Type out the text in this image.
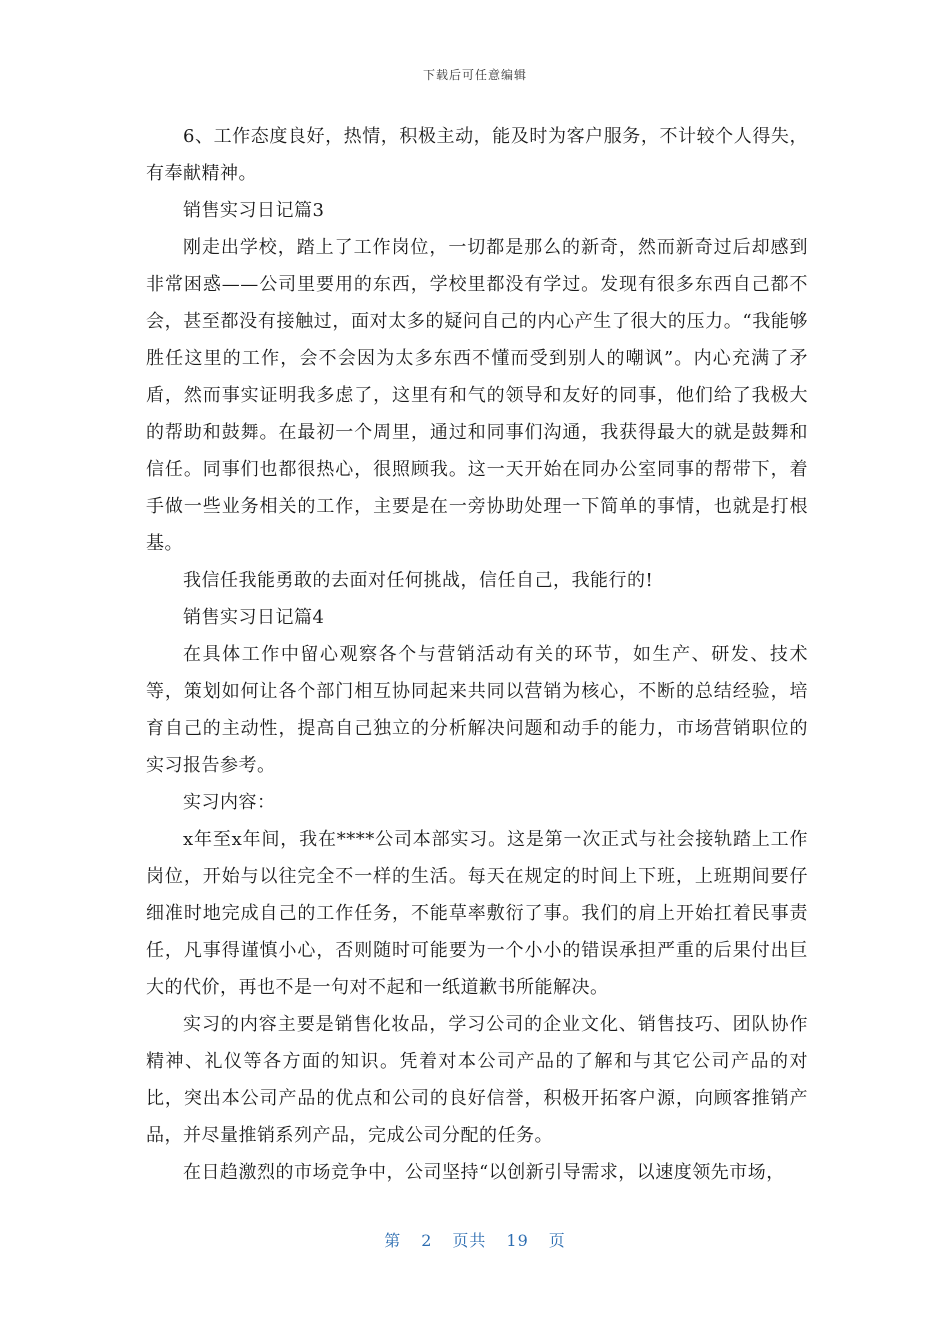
下载后可任意编辑

6、工作态度良好，热情，积极主动，能及时为客户服务，不计较个人得失，有奉献精神。

销售实习日记篇3

刚走出学校，踏上了工作岗位，一切都是那么的新奇，然而新奇过后却感到非常困惑——公司里要用的东西，学校里都没有学过。发现有很多东西自己都不会，甚至都没有接触过，面对太多的疑问自己的内心产生了很大的压力。“我能够胜任这里的工作，会不会因为太多东西不懂而受到别人的嘲讽”。内心充满了矛盾，然而事实证明我多虑了，这里有和气的领导和友好的同事，他们给了我极大的帮助和鼓舞。在最初一个周里，通过和同事们沟通，我获得最大的就是鼓舞和信任。同事们也都很热心，很照顾我。这一天开始在同办公室同事的帮带下，着手做一些业务相关的工作，主要是在一旁协助处理一下简单的事情，也就是打根基。

我信任我能勇敢的去面对任何挑战，信任自己，我能行的!

销售实习日记篇4

在具体工作中留心观察各个与营销活动有关的环节，如生产、研发、技术等，策划如何让各个部门相互协同起来共同以营销为核心，不断的总结经验，培育自己的主动性，提高自己独立的分析解决问题和动手的能力，市场营销职位的实习报告参考。

实习内容：

x年至x年间，我在****公司本部实习。这是第一次正式与社会接轨踏上工作岗位，开始与以往完全不一样的生活。每天在规定的时间上下班，上班期间要仔细准时地完成自己的工作任务，不能草率敷衍了事。我们的肩上开始扛着民事责任，凡事得谨慎小心，否则随时可能要为一个小小的错误承担严重的后果付出巨大的代价，再也不是一句对不起和一纸道歉书所能解决。

实习的内容主要是销售化妆品，学习公司的企业文化、销售技巧、团队协作精神、礼仪等各方面的知识。凭着对本公司产品的了解和与其它公司产品的对比，突出本公司产品的优点和公司的良好信誉，积极开拓客户源，向顾客推销产品，并尽量推销系列产品，完成公司分配的任务。

在日趋激烈的市场竞争中，公司坚持“以创新引导需求，以速度领先市场，

第 2 页共 19 页
